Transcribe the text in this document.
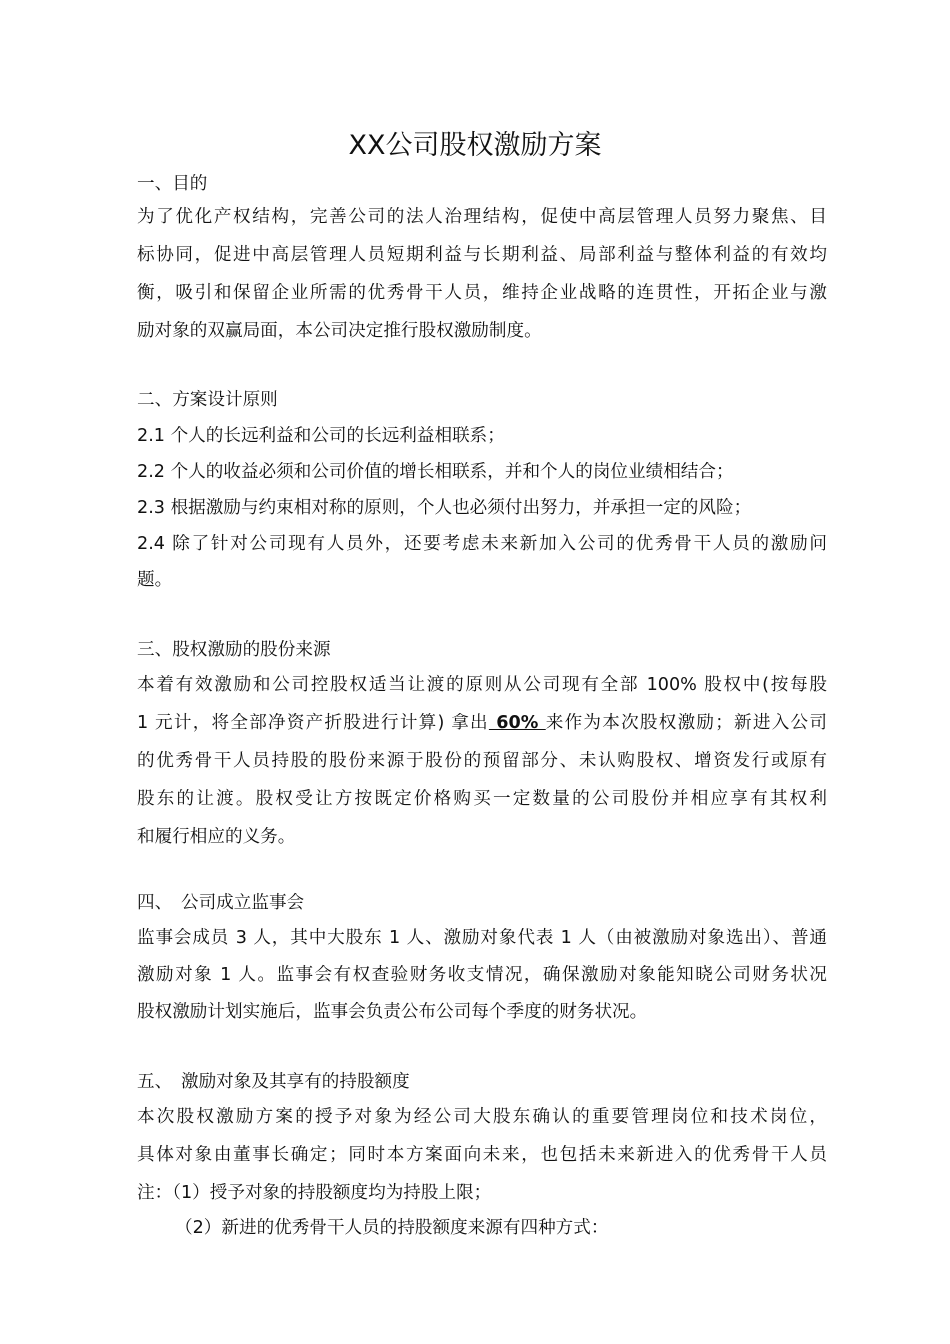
XX公司股权激励方案
一、目的
为了优化产权结构，完善公司的法人治理结构，促使中高层管理人员努力聚焦、目
标协同，促进中高层管理人员短期利益与长期利益、局部利益与整体利益的有效均
衡，吸引和保留企业所需的优秀骨干人员，维持企业战略的连贯性，开拓企业与激
励对象的双赢局面，本公司决定推行股权激励制度。
二、方案设计原则
2.1 个人的长远利益和公司的长远利益相联系；
2.2 个人的收益必须和公司价值的增长相联系，并和个人的岗位业绩相结合；
2.3 根据激励与约束相对称的原则，个人也必须付出努力，并承担一定的风险；
2.4 除了针对公司现有人员外，还要考虑未来新加入公司的优秀骨干人员的激励问
题。
三、股权激励的股份来源
本着有效激励和公司控股权适当让渡的原则从公司现有全部 100% 股权中(按每股
1 元计，将全部净资产折股进行计算) 拿出 60% 来作为本次股权激励；新进入公司
的优秀骨干人员持股的股份来源于股份的预留部分、未认购股权、增资发行或原有
股东的让渡。股权受让方按既定价格购买一定数量的公司股份并相应享有其权利
和履行相应的义务。
四、　公司成立监事会
监事会成员 3 人，其中大股东 1 人、激励对象代表 1 人（由被激励对象选出）、普通
激励对象 1 人。监事会有权查验财务收支情况，确保激励对象能知晓公司财务状况
股权激励计划实施后，监事会负责公布公司每个季度的财务状况。
五、　激励对象及其享有的持股额度
本次股权激励方案的授予对象为经公司大股东确认的重要管理岗位和技术岗位，
具体对象由董事长确定；同时本方案面向未来，也包括未来新进入的优秀骨干人员
注：（1）授予对象的持股额度均为持股上限；
（2）新进的优秀骨干人员的持股额度来源有四种方式：
